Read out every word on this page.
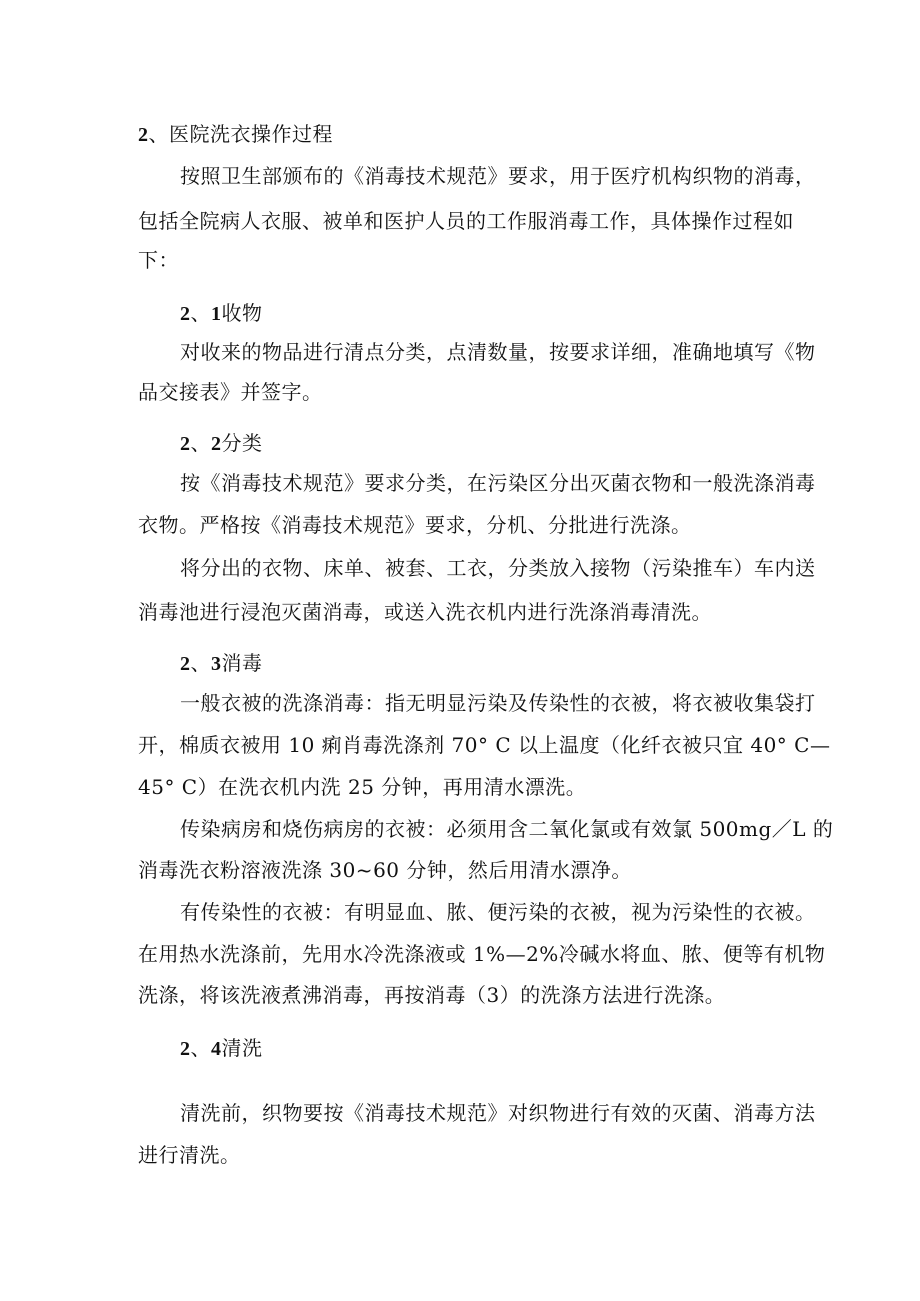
2、医院洗衣操作过程
按照卫生部颁布的《消毒技术规范》要求，用于医疗机构织物的消毒，
包括全院病人衣服、被单和医护人员的工作服消毒工作，具体操作过程如
下：
2、1收物
对收来的物品进行清点分类，点清数量，按要求详细，准确地填写《物
品交接表》并签字。
2、2分类
按《消毒技术规范》要求分类，在污染区分出灭菌衣物和一般洗涤消毒
衣物。严格按《消毒技术规范》要求，分机、分批进行洗涤。
将分出的衣物、床单、被套、工衣，分类放入接物（污染推车）车内送
消毒池进行浸泡灭菌消毒，或送入洗衣机内进行洗涤消毒清洗。
2、3消毒
一般衣被的洗涤消毒：指无明显污染及传染性的衣被，将衣被收集袋打
开，棉质衣被用 10 痢肖毒洗涤剂 70° C 以上温度（化纤衣被只宜 40° C—
45° C）在洗衣机内洗 25 分钟，再用清水漂洗。
传染病房和烧伤病房的衣被：必须用含二氧化氯或有效氯 500mg／L 的
消毒洗衣粉溶液洗涤 30~60 分钟，然后用清水漂净。
有传染性的衣被：有明显血、脓、便污染的衣被，视为污染性的衣被。
在用热水洗涤前，先用水冷洗涤液或 1%—2%冷碱水将血、脓、便等有机物
洗涤，将该洗液煮沸消毒，再按消毒（3）的洗涤方法进行洗涤。
2、4清洗
清洗前，织物要按《消毒技术规范》对织物进行有效的灭菌、消毒方法
进行清洗。
